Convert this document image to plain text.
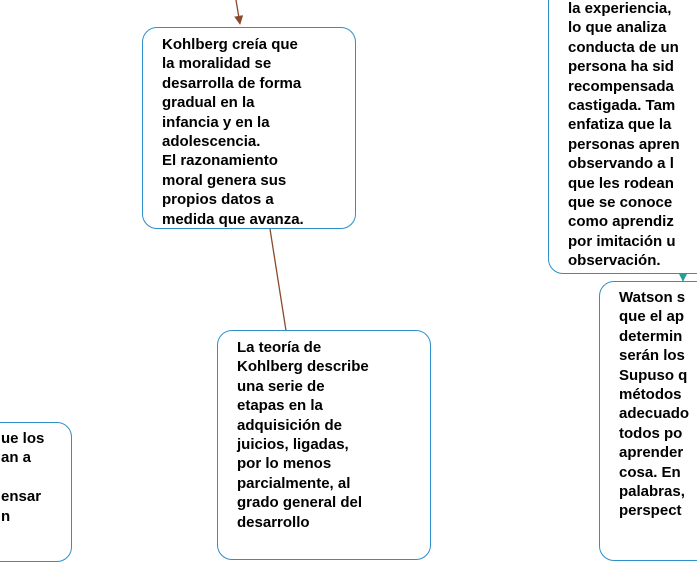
Kohlberg creía que
la moralidad se
desarrolla de forma
gradual en la
infancia y en la
adolescencia.
El razonamiento
moral genera sus
propios datos a
medida que avanza.

La teoría de
Kohlberg describe
una serie de
etapas en la
adquisición de
juicios, ligadas,
por lo menos
parcialmente, al
grado general del
desarrollo

la experiencia,
lo que analiza
conducta de un
persona ha sid
recompensada
castigada. Tam
enfatiza que la
personas apren
observando a l
que les rodean
que se conoce
como aprendiz
por imitación u
observación.

Watson s
que el ap
determin
serán los
Supuso q
métodos
adecuado
todos po
aprender
cosa. En
palabras,
perspect

ue los
an a

ensar
n
